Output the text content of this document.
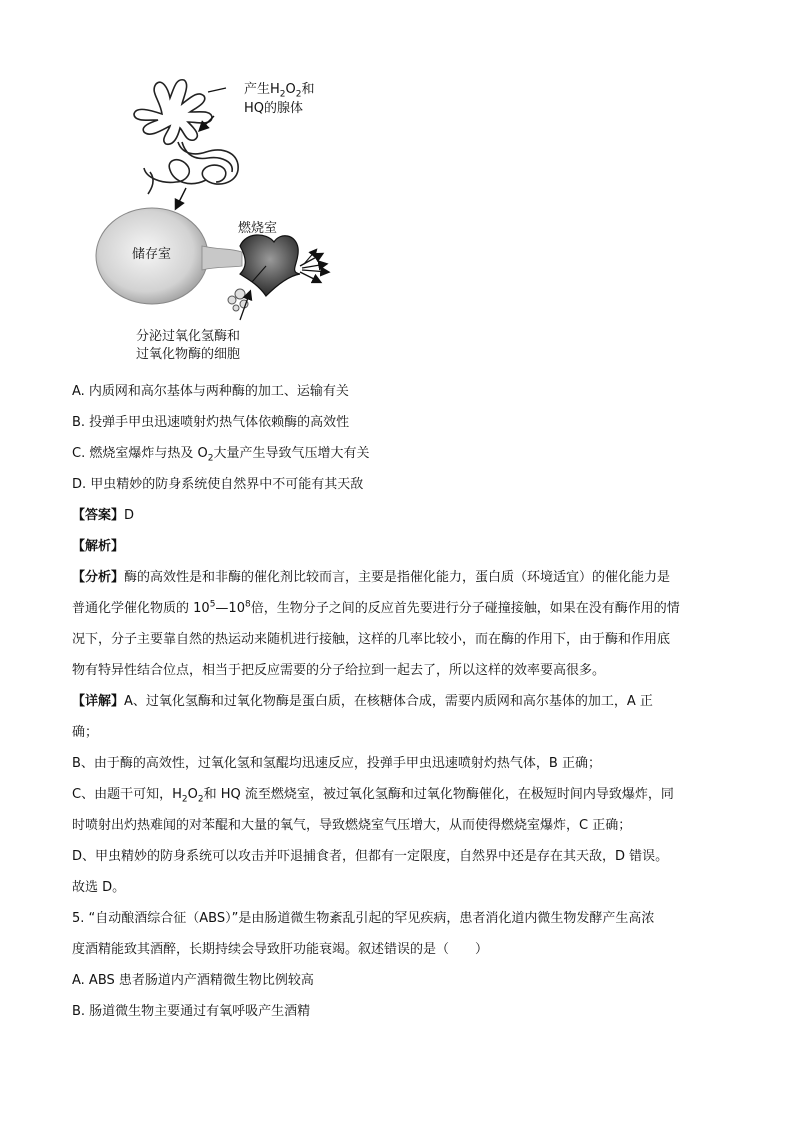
产生$H_2O_2$和
HQ的腺体
燃烧室
储存室
分泌过氧化氢酶和
过氧化物酶的细胞
A. 内质网和高尔基体与两种酶的加工、运输有关
B. 投弹手甲虫迅速喷射灼热气体依赖酶的高效性
C. 燃烧室爆炸与热及 $O_2$大量产生导致气压增大有关
D. 甲虫精妙的防身系统使自然界中不可能有其天敌
【答案】D
【解析】
【分析】酶的高效性是和非酶的催化剂比较而言，主要是指催化能力，蛋白质（环境适宜）的催化能力是
普通化学催化物质的 $10^5—10^8$倍，生物分子之间的反应首先要进行分子碰撞接触，如果在没有酶作用的情
况下，分子主要靠自然的热运动来随机进行接触，这样的几率比较小，而在酶的作用下，由于酶和作用底
物有特异性结合位点，相当于把反应需要的分子给拉到一起去了，所以这样的效率要高很多。
【详解】A、过氧化氢酶和过氧化物酶是蛋白质，在核糖体合成，需要内质网和高尔基体的加工，A 正
确；
B、由于酶的高效性，过氧化氢和氢醌均迅速反应，投弹手甲虫迅速喷射灼热气体，B 正确；
C、由题干可知，$H_2O_2$和 HQ 流至燃烧室，被过氧化氢酶和过氧化物酶催化，在极短时间内导致爆炸，同
时喷射出灼热难闻的对苯醌和大量的氧气，导致燃烧室气压增大，从而使得燃烧室爆炸，C 正确；
D、甲虫精妙的防身系统可以攻击并吓退捕食者，但都有一定限度，自然界中还是存在其天敌，D 错误。
故选 D。
5. “自动酿酒综合征（ABS）”是由肠道微生物紊乱引起的罕见疾病，患者消化道内微生物发酵产生高浓
度酒精能致其酒醉，长期持续会导致肝功能衰竭。叙述错误的是（　　）
A. ABS 患者肠道内产酒精微生物比例较高
B. 肠道微生物主要通过有氧呼吸产生酒精
